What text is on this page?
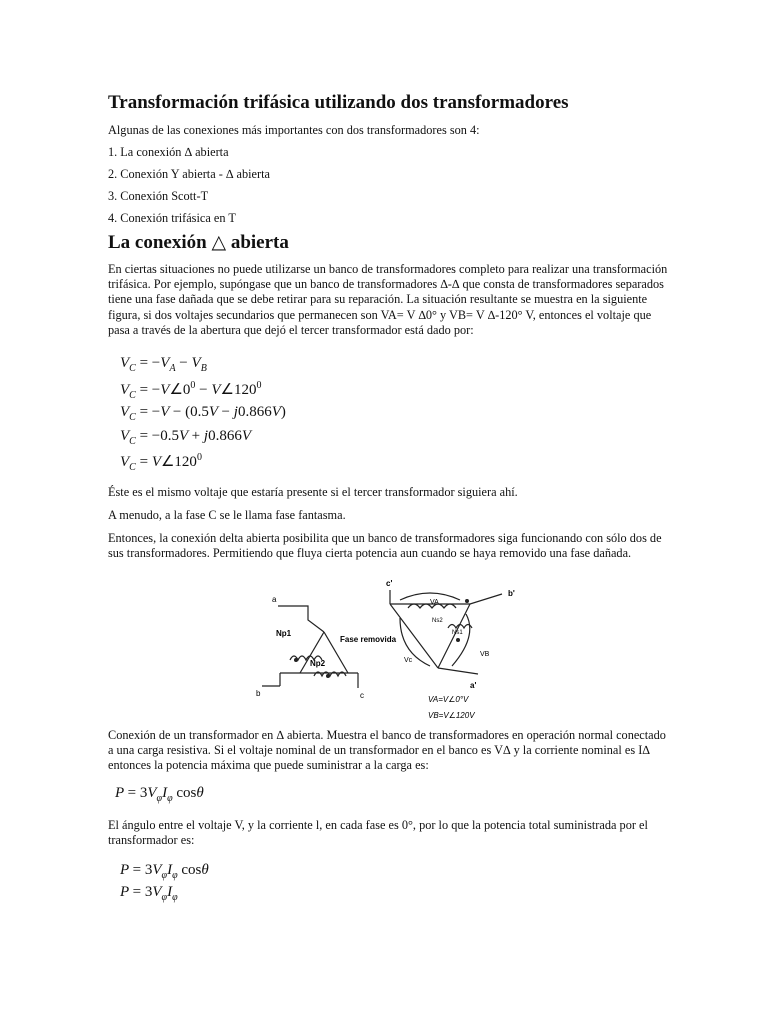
Transformación trifásica utilizando dos transformadores

Algunas de las conexiones más importantes con dos transformadores son 4:

1. La conexión ∆ abierta

2. Conexión Y abierta - ∆ abierta

3. Conexión Scott-T

4. Conexión trifásica en T

La conexión △ abierta

En ciertas situaciones no puede utilizarse un banco de transformadores completo para realizar una transformación trifásica. Por ejemplo, supóngase que un banco de transformadores ∆-∆ que consta de transformadores separados tiene una fase dañada que se debe retirar para su reparación. La situación resultante se muestra en la siguiente figura, si dos voltajes secundarios que permanecen son VA= V ∆0° y VB= V ∆-120° V, entonces el voltaje que pasa a través de la abertura que dejó el tercer transformador está dado por:

$V_C = -V_A - V_B$
$V_C$ = $-V\angle 0^0$ − $V\angle 120^0$
$V_C = -V - (0.5V - j0.866V)$
$V_C = -0.5V + j0.866V$
$V_C$ = $V\angle 120^0$

Éste es el mismo voltaje que estaría presente si el tercer transformador siguiera ahí.

A menudo, a la fase C se le llama fase fantasma.

Entonces, la conexión delta abierta posibilita que un banco de transformadores siga funcionando con sólo dos de sus transformadores. Permitiendo que fluya cierta potencia aun cuando se haya removido una fase dañada.

a
b	c
Np1
Np2
Fase removida
c'
b'
a'
VA
VB
Vc
Ns2
Ns1
VA=V∠0°V
VB=V∠120V

Conexión de un transformador en ∆ abierta. Muestra el banco de transformadores en operación normal conectado a una carga resistiva. Si el voltaje nominal de un transformador en el banco es V∆ y la corriente nominal es I∆ entonces la potencia máxima que puede suministrar a la carga es:

$P = 3V_\varphi I_\varphi$ cosθ

El ángulo entre el voltaje V, y la corriente l, en cada fase es 0°, por lo que la potencia total suministrada por el transformador es:

$P = 3V_\varphi I_\varphi$ cosθ
$P = 3V_\varphi I_\varphi$
